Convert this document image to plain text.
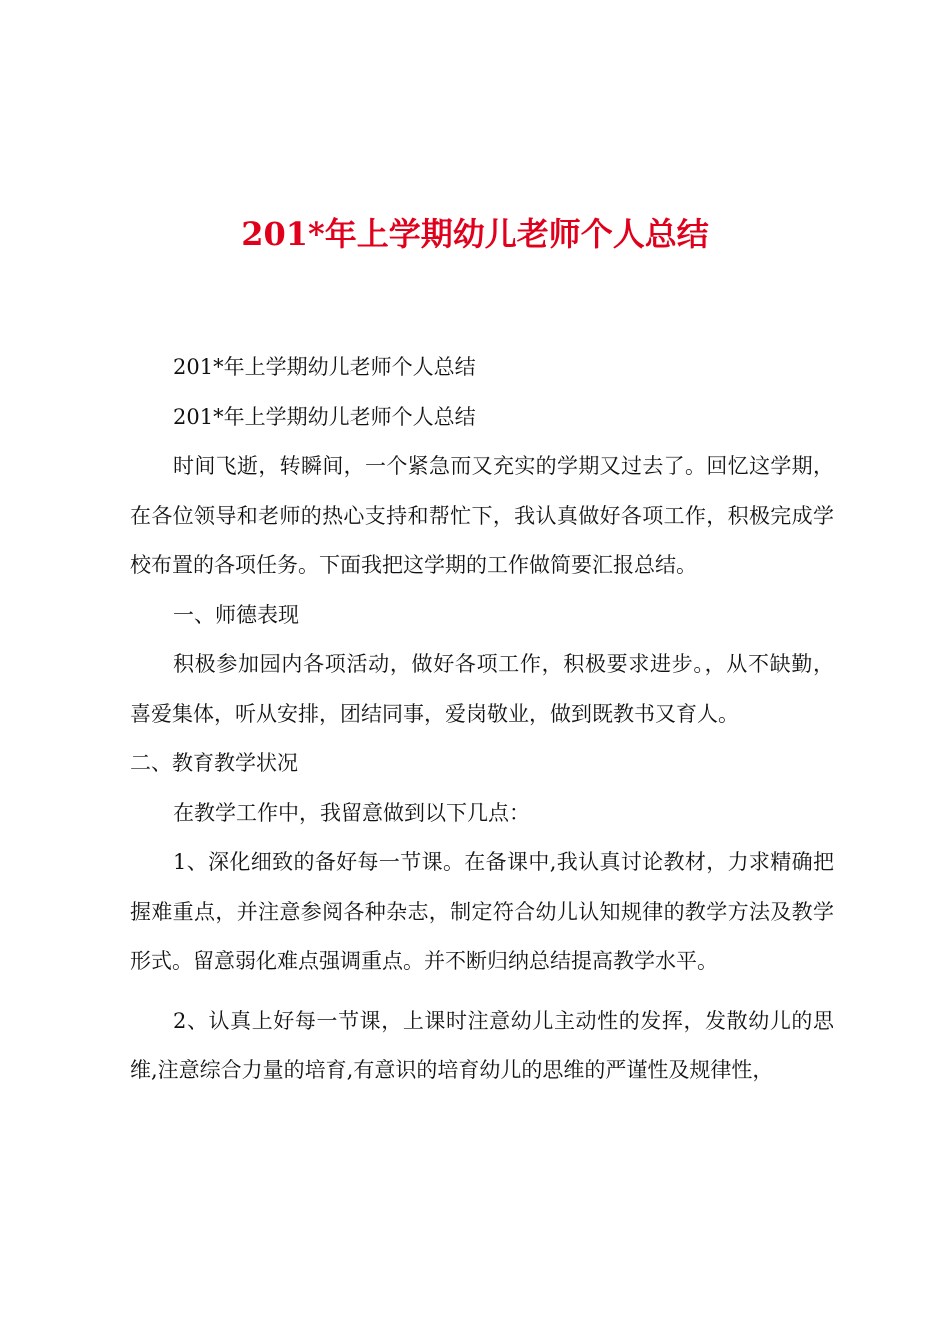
201*年上学期幼儿老师个人总结

201*年上学期幼儿老师个人总结

201*年上学期幼儿老师个人总结

时间飞逝，转瞬间，一个紧急而又充实的学期又过去了。回忆这学期，在各位领导和老师的热心支持和帮忙下，我认真做好各项工作，积极完成学校布置的各项任务。下面我把这学期的工作做简要汇报总结。

一、师德表现

积极参加园内各项活动，做好各项工作，积极要求进步。，从不缺勤，喜爱集体，听从安排，团结同事，爱岗敬业，做到既教书又育人。

二、教育教学状况

在教学工作中，我留意做到以下几点：

1、深化细致的备好每一节课。在备课中,我认真讨论教材，力求精确把握难重点，并注意参阅各种杂志，制定符合幼儿认知规律的教学方法及教学形式。留意弱化难点强调重点。并不断归纳总结提高教学水平。

2、认真上好每一节课，上课时注意幼儿主动性的发挥，发散幼儿的思维,注意综合力量的培育,有意识的培育幼儿的思维的严谨性及规律性，
